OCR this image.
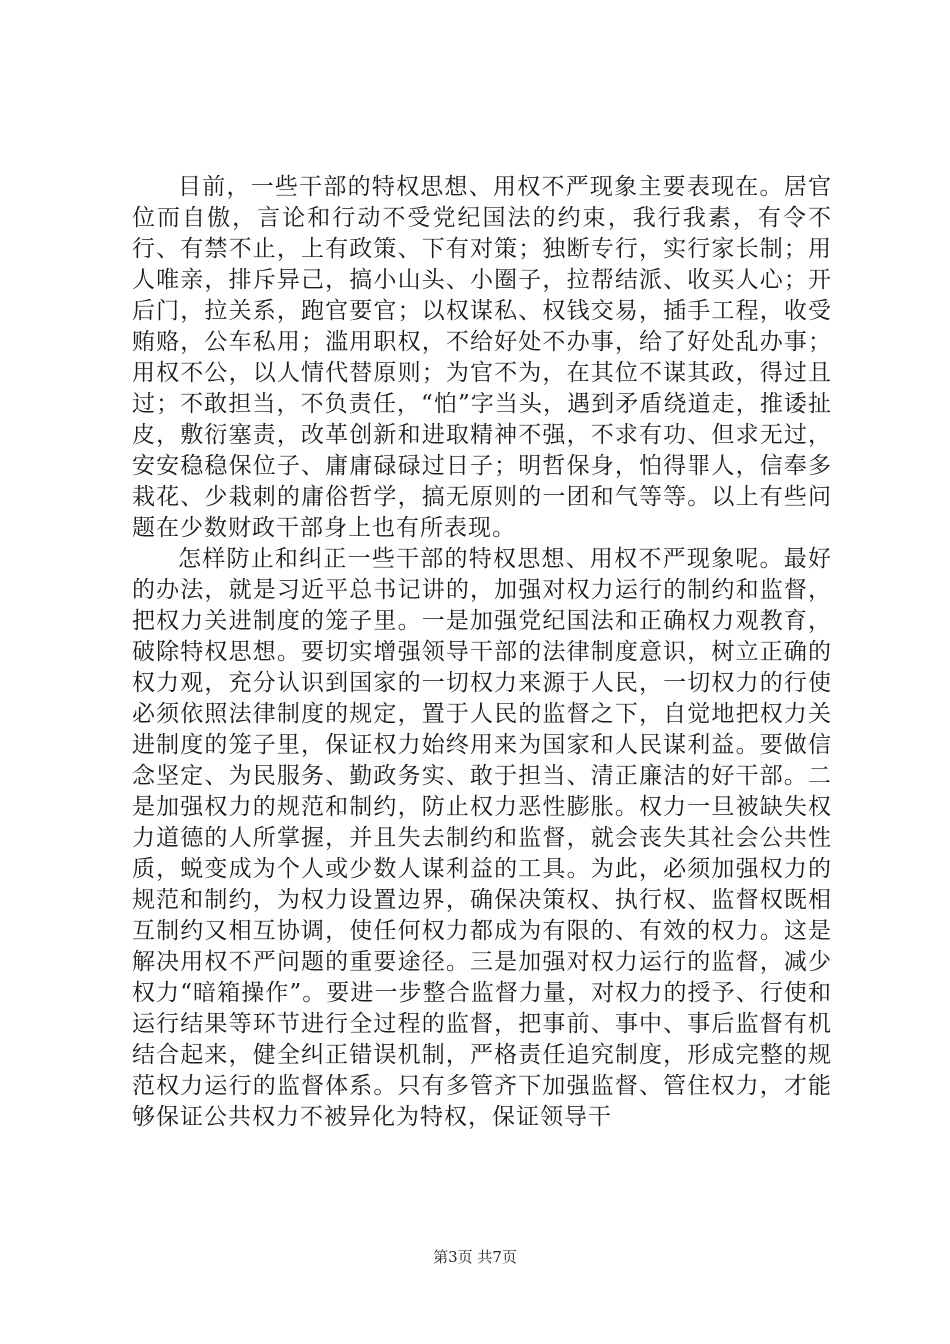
目前，一些干部的特权思想、用权不严现象主要表现在。居官位而自傲，言论和行动不受党纪国法的约束，我行我素，有令不行、有禁不止，上有政策、下有对策；独断专行，实行家长制；用人唯亲，排斥异己，搞小山头、小圈子，拉帮结派、收买人心；开后门，拉关系，跑官要官；以权谋私、权钱交易，插手工程，收受贿赂，公车私用；滥用职权，不给好处不办事，给了好处乱办事；用权不公，以人情代替原则；为官不为，在其位不谋其政，得过且过；不敢担当，不负责任，“怕”字当头，遇到矛盾绕道走，推诿扯皮，敷衍塞责，改革创新和进取精神不强，不求有功、但求无过，安安稳稳保位子、庸庸碌碌过日子；明哲保身，怕得罪人，信奉多栽花、少栽刺的庸俗哲学，搞无原则的一团和气等等。以上有些问题在少数财政干部身上也有所表现。

怎样防止和纠正一些干部的特权思想、用权不严现象呢。最好的办法，就是习近平总书记讲的，加强对权力运行的制约和监督，把权力关进制度的笼子里。一是加强党纪国法和正确权力观教育，破除特权思想。要切实增强领导干部的法律制度意识，树立正确的权力观，充分认识到国家的一切权力来源于人民，一切权力的行使必须依照法律制度的规定，置于人民的监督之下，自觉地把权力关进制度的笼子里，保证权力始终用来为国家和人民谋利益。要做信念坚定、为民服务、勤政务实、敢于担当、清正廉洁的好干部。二是加强权力的规范和制约，防止权力恶性膨胀。权力一旦被缺失权力道德的人所掌握，并且失去制约和监督，就会丧失其社会公共性质，蜕变成为个人或少数人谋利益的工具。为此，必须加强权力的规范和制约，为权力设置边界，确保决策权、执行权、监督权既相互制约又相互协调，使任何权力都成为有限的、有效的权力。这是解决用权不严问题的重要途径。三是加强对权力运行的监督，减少权力“暗箱操作”。要进一步整合监督力量，对权力的授予、行使和运行结果等环节进行全过程的监督，把事前、事中、事后监督有机结合起来，健全纠正错误机制，严格责任追究制度，形成完整的规范权力运行的监督体系。只有多管齐下加强监督、管住权力，才能够保证公共权力不被异化为特权，保证领导干

第3页 共7页
